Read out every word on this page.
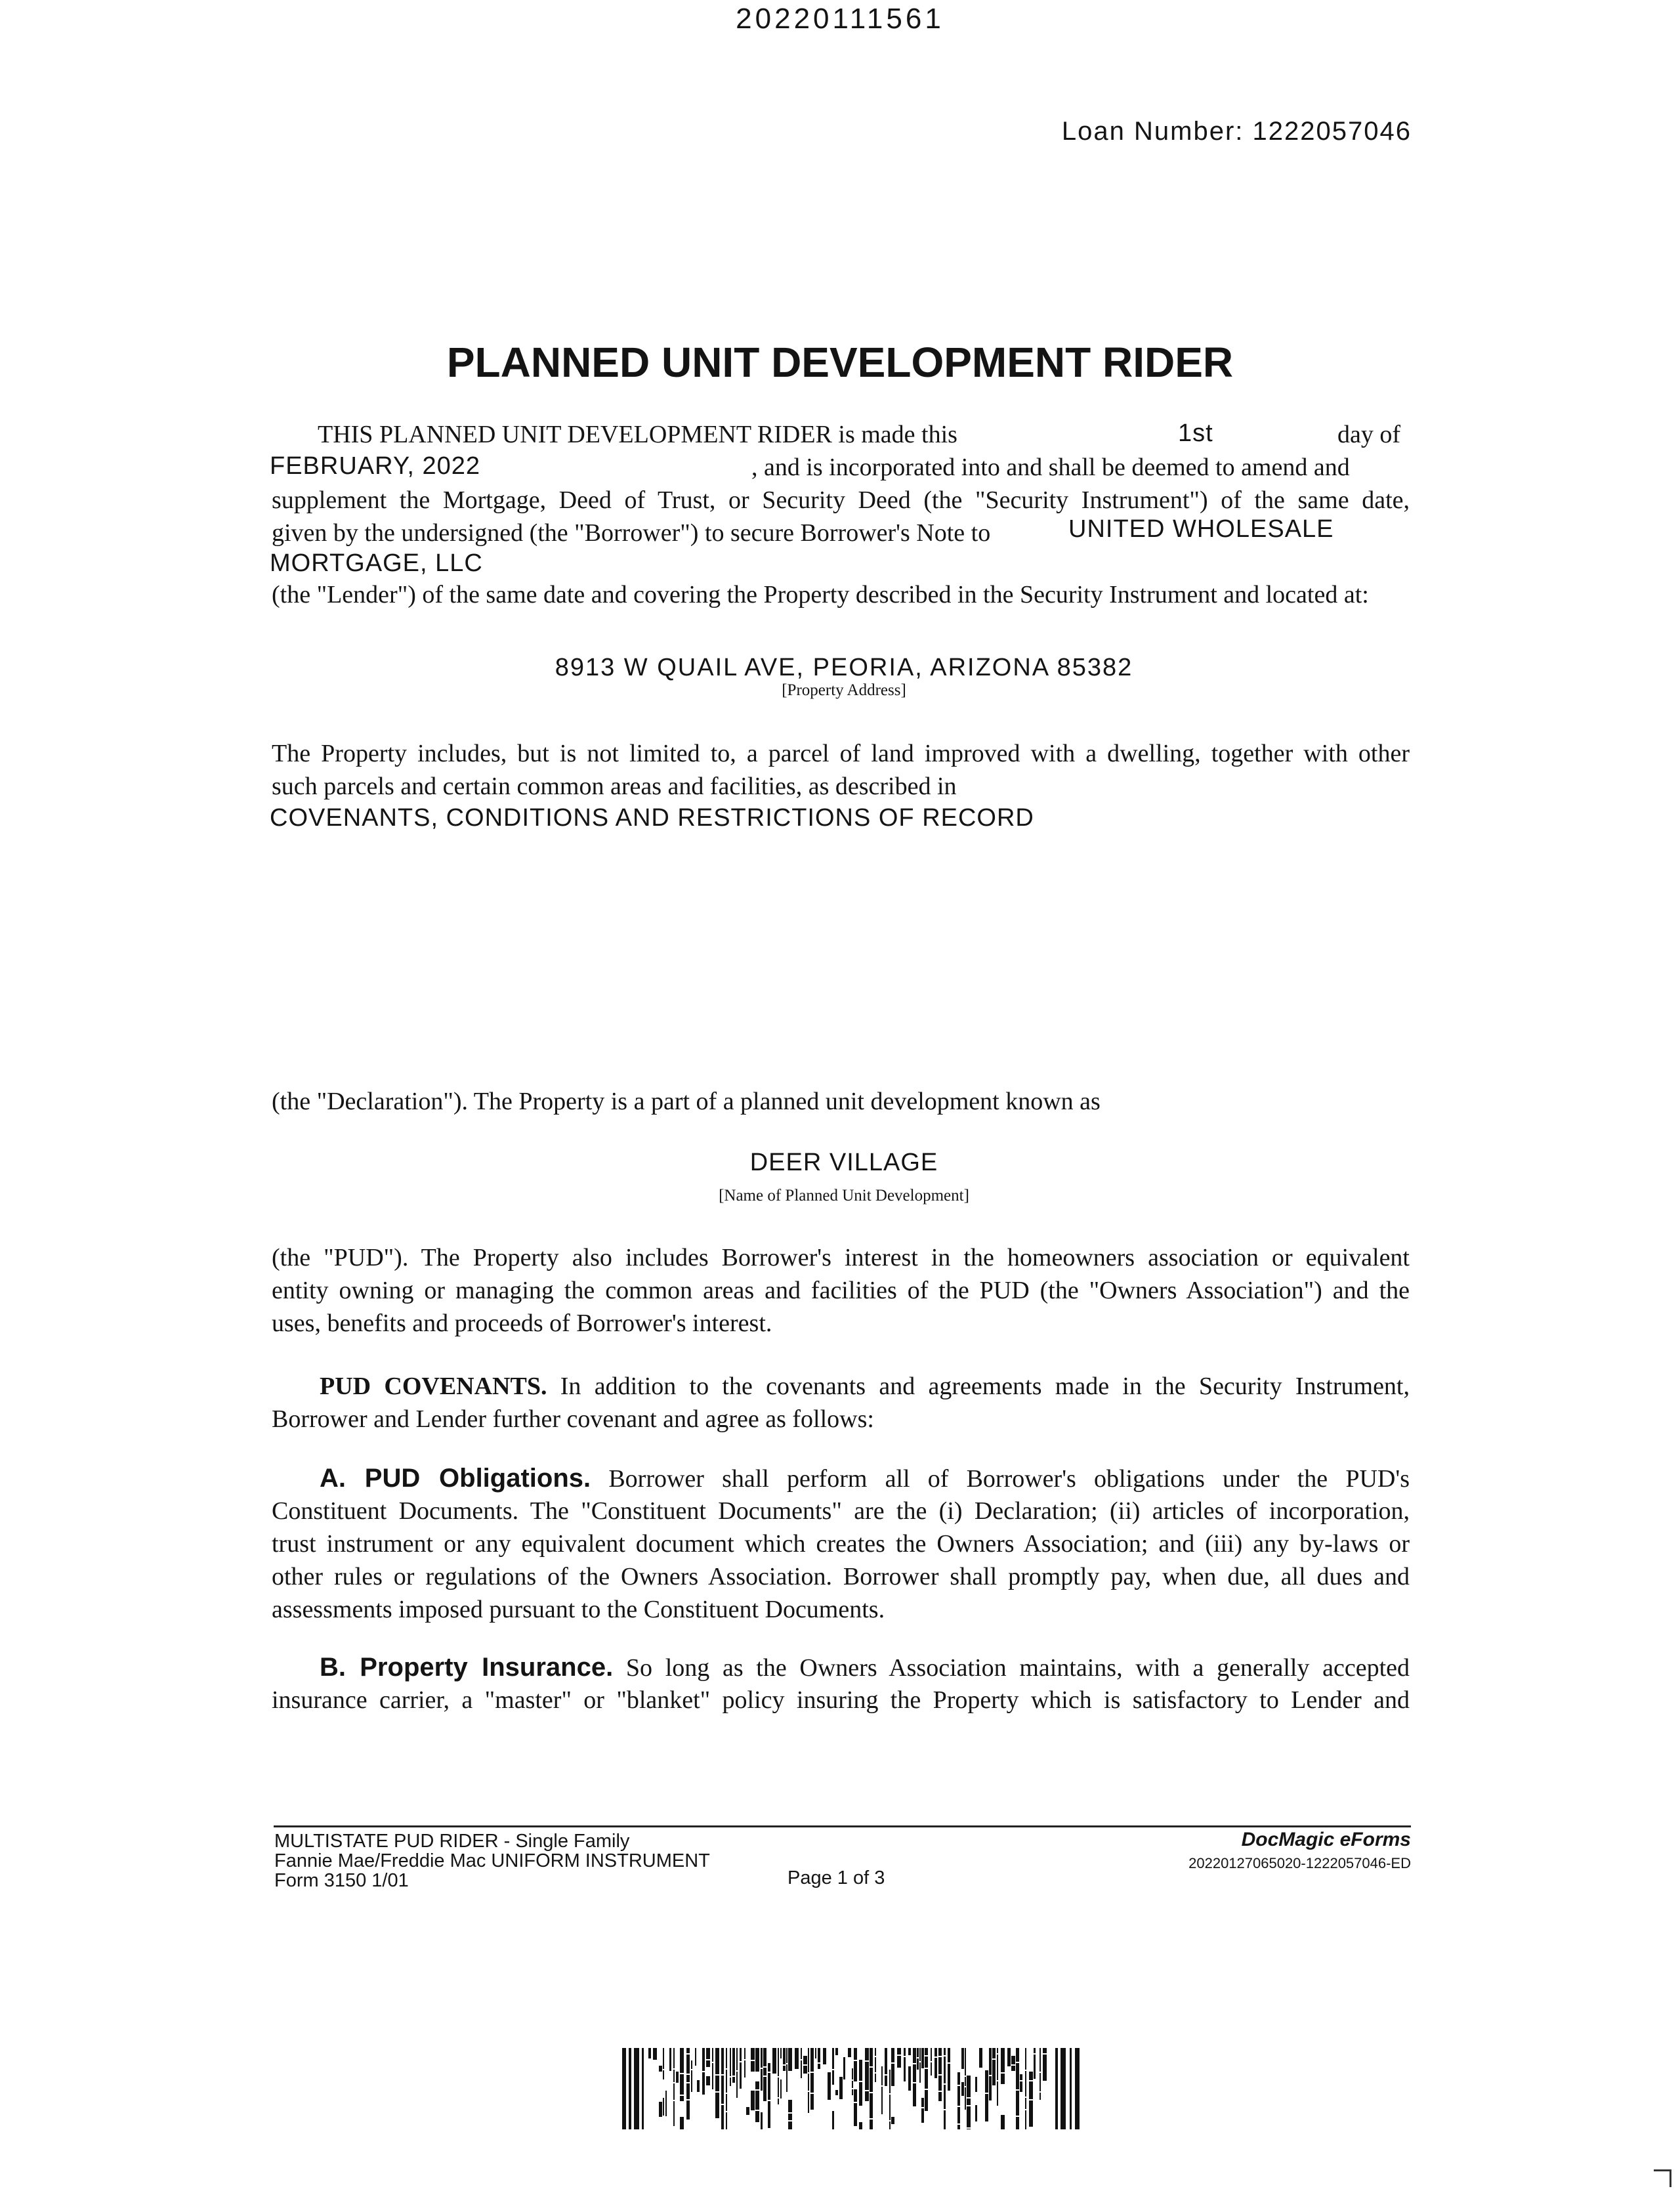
20220111561
Loan Number: 1222057046
PLANNED UNIT DEVELOPMENT RIDER
THIS PLANNED UNIT DEVELOPMENT RIDER is made this	1st	day of
FEBRUARY, 2022	, and is incorporated into and shall be deemed to amend and
supplement the Mortgage, Deed of Trust, or Security Deed (the "Security Instrument") of the same date,
given by the undersigned (the "Borrower") to secure Borrower's Note to	UNITED WHOLESALE
MORTGAGE, LLC
(the "Lender") of the same date and covering the Property described in the Security Instrument and located at:
8913 W QUAIL AVE, PEORIA, ARIZONA 85382
[Property Address]
The Property includes, but is not limited to, a parcel of land improved with a dwelling, together with other
such parcels and certain common areas and facilities, as described in
COVENANTS, CONDITIONS AND RESTRICTIONS OF RECORD
(the "Declaration"). The Property is a part of a planned unit development known as
DEER VILLAGE
[Name of Planned Unit Development]
(the "PUD"). The Property also includes Borrower's interest in the homeowners association or equivalent
entity owning or managing the common areas and facilities of the PUD (the "Owners Association") and the
uses, benefits and proceeds of Borrower's interest.
PUD COVENANTS. In addition to the covenants and agreements made in the Security Instrument,
Borrower and Lender further covenant and agree as follows:
A. PUD Obligations. Borrower shall perform all of Borrower's obligations under the PUD's
Constituent Documents. The "Constituent Documents" are the (i) Declaration; (ii) articles of incorporation,
trust instrument or any equivalent document which creates the Owners Association; and (iii) any by-laws or
other rules or regulations of the Owners Association. Borrower shall promptly pay, when due, all dues and
assessments imposed pursuant to the Constituent Documents.
B. Property Insurance. So long as the Owners Association maintains, with a generally accepted
insurance carrier, a "master" or "blanket" policy insuring the Property which is satisfactory to Lender and
MULTISTATE PUD RIDER - Single Family
Fannie Mae/Freddie Mac UNIFORM INSTRUMENT
Form 3150 1/01	Page 1 of 3
DocMagic eForms
20220127065020-1222057046-ED
